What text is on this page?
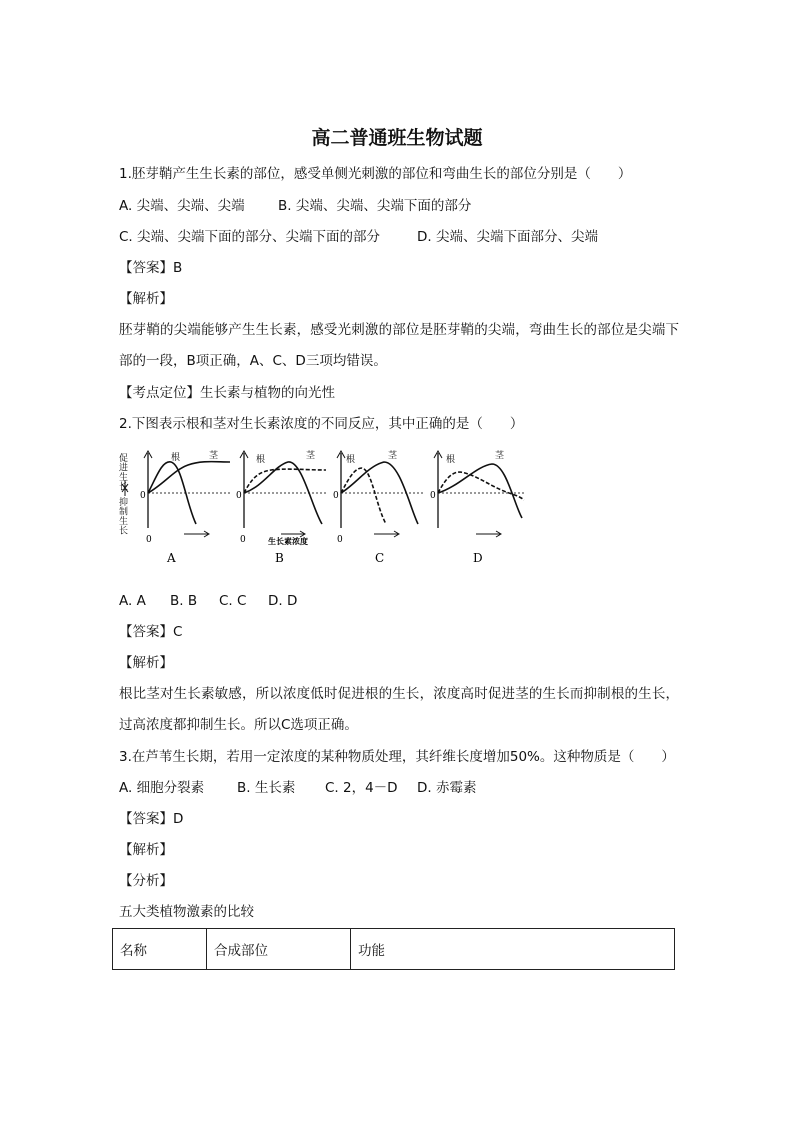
高二普通班生物试题
1.胚芽鞘产生生长素的部位，感受单侧光刺激的部位和弯曲生长的部位分别是（　　）
A. 尖端、尖端、尖端 B. 尖端、尖端、尖端下面的部分
C. 尖端、尖端下面的部分、尖端下面的部分	D. 尖端、尖端下面部分、尖端
【答案】B
【解析】
胚芽鞘的尖端能够产生生长素，感受光刺激的部位是胚芽鞘的尖端，弯曲生长的部位是尖端下部的一段，B项正确，A、C、D三项均错误。
【考点定位】生长素与植物的向光性
2.下图表示根和茎对生长素浓度的不同反应，其中正确的是（　　）
促进生长
抑制生长
0
根	茎
0
0
根	茎
0	生长素浓度
0
根	茎
0
0
根	茎
A	B	C	D
A. A B. B C. C D. D
【答案】C
【解析】
根比茎对生长素敏感，所以浓度低时促进根的生长，浓度高时促进茎的生长而抑制根的生长，过高浓度都抑制生长。所以C选项正确。
3.在芦苇生长期，若用一定浓度的某种物质处理，其纤维长度增加50%。这种物质是（　　）
A. 细胞分裂素 B. 生长素 C. 2，4－D D. 赤霉素
【答案】D
【解析】
【分析】
五大类植物激素的比较
名称	合成部位	功能
